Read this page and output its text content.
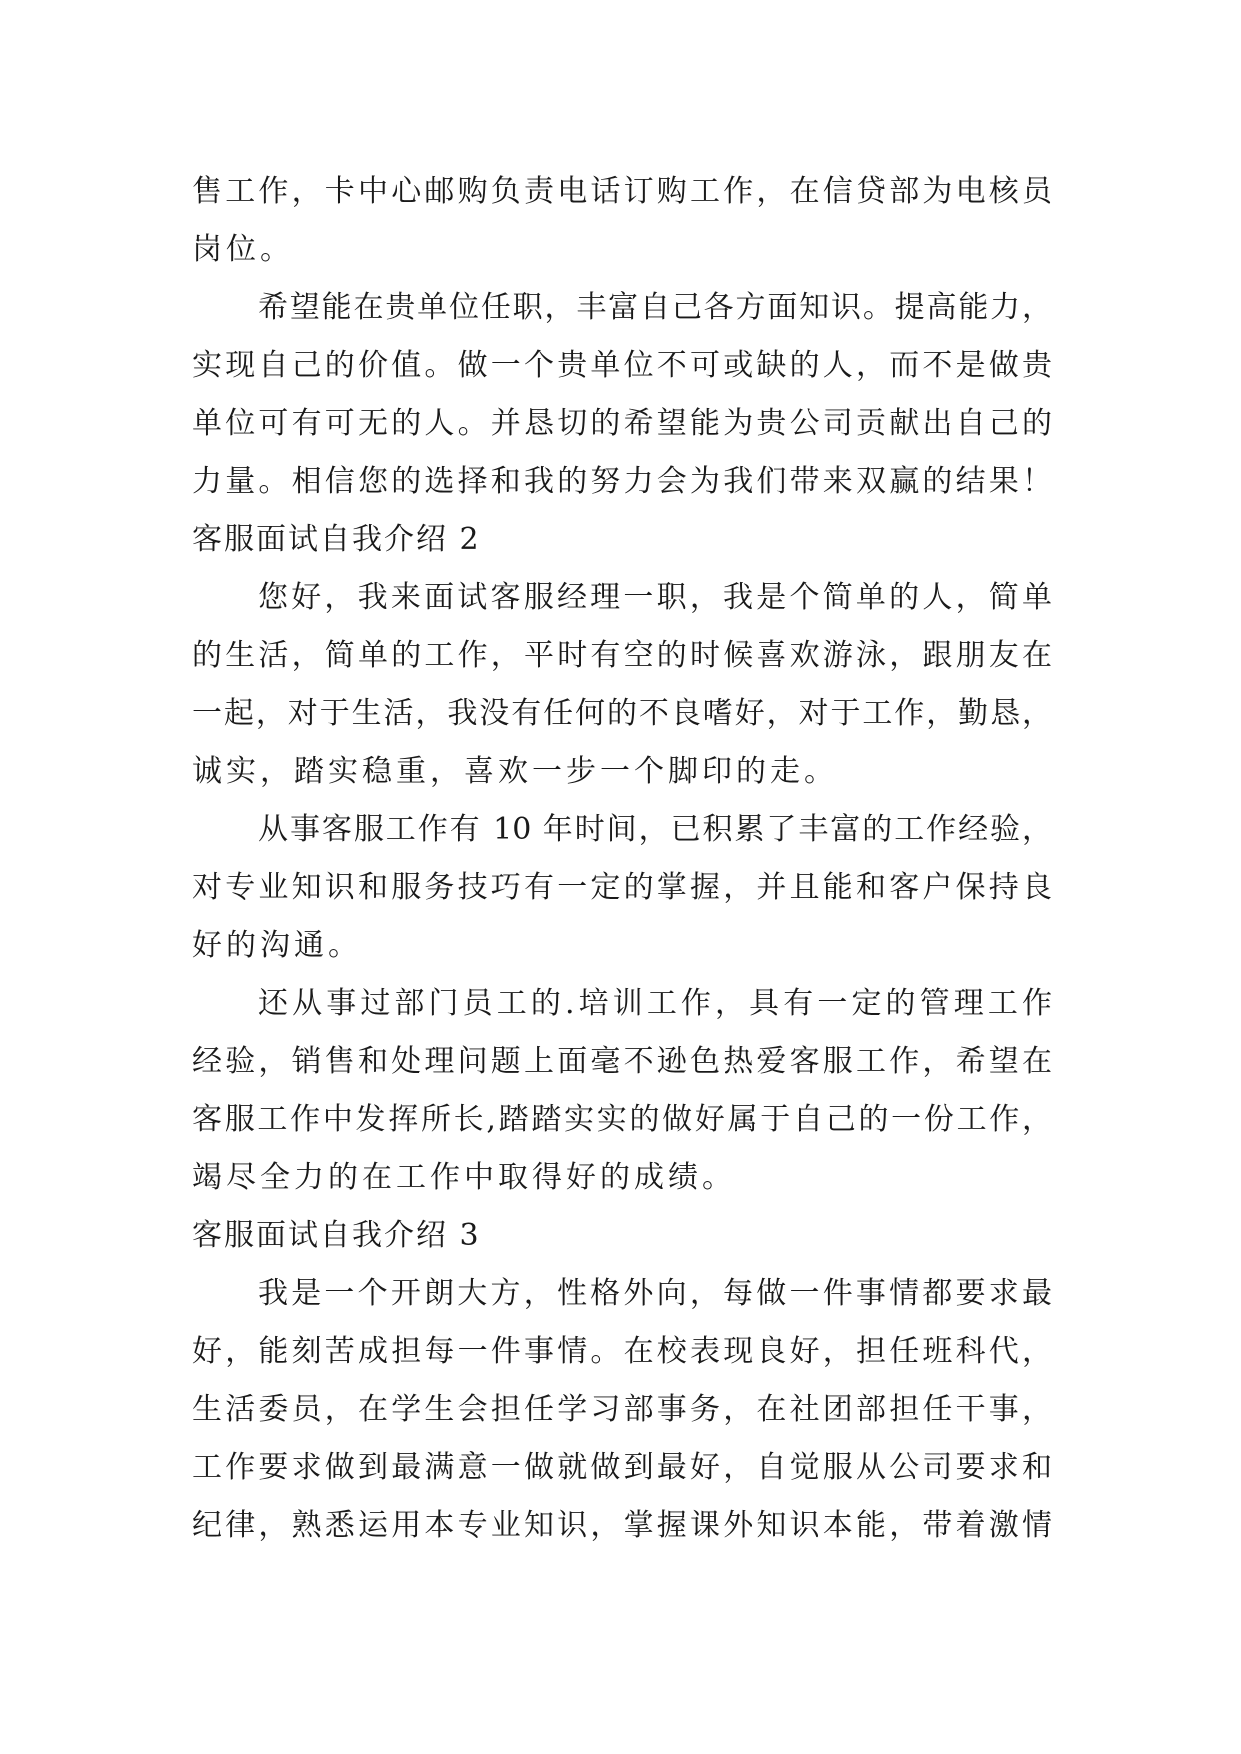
售工作，卡中心邮购负责电话订购工作，在信贷部为电核员
岗位。
希望能在贵单位任职，丰富自己各方面知识。提高能力，
实现自己的价值。做一个贵单位不可或缺的人，而不是做贵
单位可有可无的人。并恳切的希望能为贵公司贡献出自己的
力量。相信您的选择和我的努力会为我们带来双赢的结果！
客服面试自我介绍 2
您好，我来面试客服经理一职，我是个简单的人，简单
的生活，简单的工作，平时有空的时候喜欢游泳，跟朋友在
一起，对于生活，我没有任何的不良嗜好，对于工作，勤恳，
诚实，踏实稳重，喜欢一步一个脚印的走。
从事客服工作有 10 年时间，已积累了丰富的工作经验，
对专业知识和服务技巧有一定的掌握，并且能和客户保持良
好的沟通。
还从事过部门员工的.培训工作，具有一定的管理工作
经验，销售和处理问题上面毫不逊色热爱客服工作，希望在
客服工作中发挥所长,踏踏实实的做好属于自己的一份工作，
竭尽全力的在工作中取得好的成绩。
客服面试自我介绍 3
我是一个开朗大方，性格外向，每做一件事情都要求最
好，能刻苦成担每一件事情。在校表现良好，担任班科代，
生活委员，在学生会担任学习部事务，在社团部担任干事，
工作要求做到最满意一做就做到最好，自觉服从公司要求和
纪律，熟悉运用本专业知识，掌握课外知识本能，带着激情
